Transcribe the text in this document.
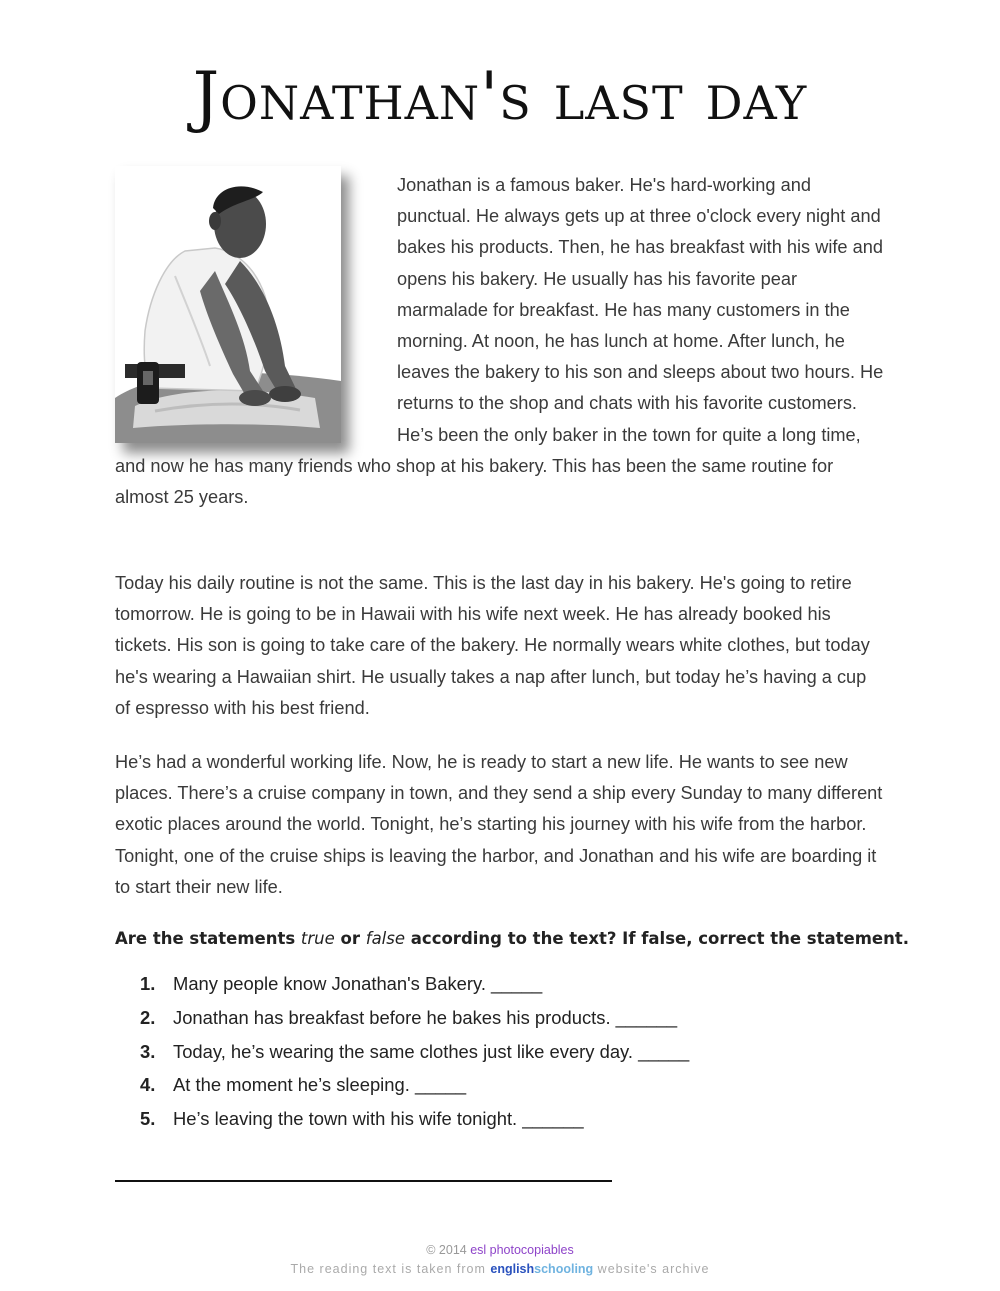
Jonathan's last day
Jonathan is a famous baker. He's hard-working and punctual. He always gets up at three o'clock every night and bakes his products. Then, he has breakfast with his wife and opens his bakery. He usually has his favorite pear marmalade for breakfast. He has many customers in the morning. At noon, he has lunch at home. After lunch, he leaves the bakery to his son and sleeps about two hours. He returns to the shop and chats with his favorite customers. He’s been the only baker in the town for quite a long time, and now he has many friends who shop at his bakery. This has been the same routine for almost 25 years.

Today his daily routine is not the same. This is the last day in his bakery. He's going to retire tomorrow. He is going to be in Hawaii with his wife next week. He has already booked his tickets. His son is going to take care of the bakery. He normally wears white clothes, but today he's wearing a Hawaiian shirt. He usually takes a nap after lunch, but today he’s having a cup of espresso with his best friend.

He’s had a wonderful working life. Now, he is ready to start a new life. He wants to see new places. There’s a cruise company in town, and they send a ship every Sunday to many different exotic places around the world. Tonight, he’s starting his journey with his wife from the harbor. Tonight, one of the cruise ships is leaving the harbor, and Jonathan and his wife are boarding it to start their new life.

Are the statements true or false according to the text? If false, correct the statement.
1. Many people know Jonathan's Bakery. _____
2. Jonathan has breakfast before he bakes his products. ______
3. Today, he’s wearing the same clothes just like every day. _____
4. At the moment he’s sleeping. _____
5. He’s leaving the town with his wife tonight. ______
© 2014 esl photocopiables
The reading text is taken from englishschooling website's archive
